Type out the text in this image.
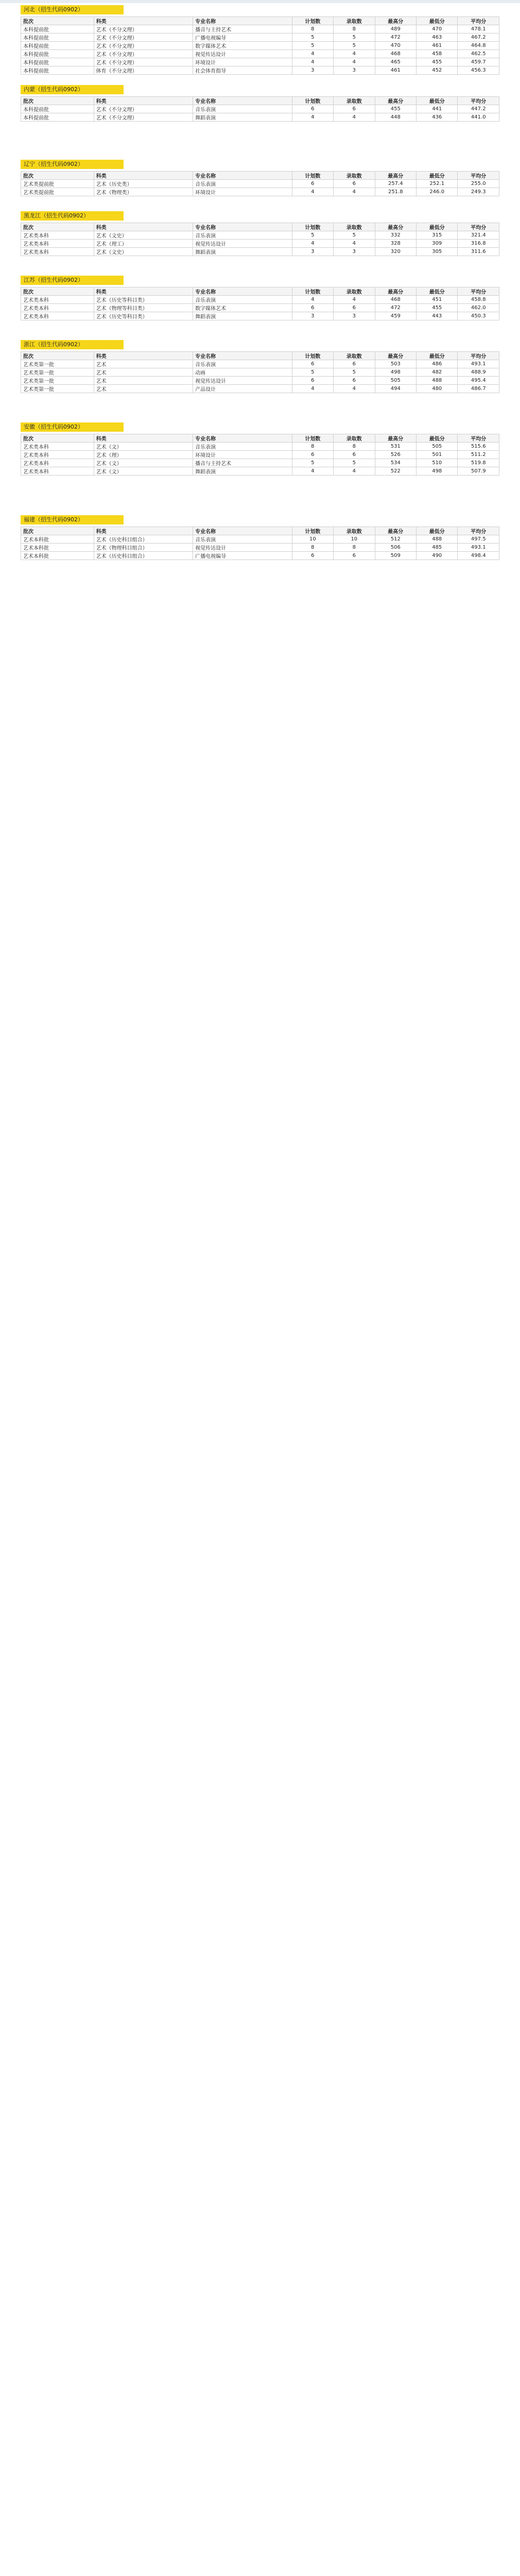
河北（招生代码0902）
批次	科类	专业名称	计划数	录取数	最高分	最低分	平均分
本科提前批	艺术（不分文理）	播音与主持艺术	8	8	489	470	478.1
本科提前批	艺术（不分文理）	广播电视编导	5	5	472	463	467.2
本科提前批	艺术（不分文理）	数字媒体艺术	5	5	470	461	464.8
本科提前批	艺术（不分文理）	视觉传达设计	4	4	468	458	462.5
本科提前批	艺术（不分文理）	环境设计	4	4	465	455	459.7
本科提前批	体育（不分文理）	社会体育指导	3	3	461	452	456.3
内蒙（招生代码0902）
批次	科类	专业名称	计划数	录取数	最高分	最低分	平均分
本科提前批	艺术（不分文理）	音乐表演	6	6	455	441	447.2
本科提前批	艺术（不分文理）	舞蹈表演	4	4	448	436	441.0
辽宁（招生代码0902）
批次	科类	专业名称	计划数	录取数	最高分	最低分	平均分
艺术类提前批	艺术（历史类）	音乐表演	6	6	257.4	252.1	255.0
艺术类提前批	艺术（物理类）	环境设计	4	4	251.8	246.0	249.3
黑龙江（招生代码0902）
批次	科类	专业名称	计划数	录取数	最高分	最低分	平均分
艺术类本科	艺术（文史）	音乐表演	5	5	332	315	321.4
艺术类本科	艺术（理工）	视觉传达设计	4	4	328	309	316.8
艺术类本科	艺术（文史）	舞蹈表演	3	3	320	305	311.6
江苏（招生代码0902）
批次	科类	专业名称	计划数	录取数	最高分	最低分	平均分
艺术类本科	艺术（历史等科目类）	音乐表演	4	4	468	451	458.8
艺术类本科	艺术（物理等科目类）	数字媒体艺术	6	6	472	455	462.0
艺术类本科	艺术（历史等科目类）	舞蹈表演	3	3	459	443	450.3
浙江（招生代码0902）
批次	科类	专业名称	计划数	录取数	最高分	最低分	平均分
艺术类第一批	艺术	音乐表演	6	6	503	486	493.1
艺术类第一批	艺术	动画	5	5	498	482	488.9
艺术类第一批	艺术	视觉传达设计	6	6	505	488	495.4
艺术类第一批	艺术	产品设计	4	4	494	480	486.7
安徽（招生代码0902）
批次	科类	专业名称	计划数	录取数	最高分	最低分	平均分
艺术类本科	艺术（文）	音乐表演	8	8	531	505	515.6
艺术类本科	艺术（理）	环境设计	6	6	526	501	511.2
艺术类本科	艺术（文）	播音与主持艺术	5	5	534	510	519.8
艺术类本科	艺术（文）	舞蹈表演	4	4	522	498	507.9
福建（招生代码0902）
批次	科类	专业名称	计划数	录取数	最高分	最低分	平均分
艺术本科批	艺术（历史科目组合）	音乐表演	10	10	512	488	497.5
艺术本科批	艺术（物理科目组合）	视觉传达设计	8	8	506	485	493.1
艺术本科批	艺术（历史科目组合）	广播电视编导	6	6	509	490	498.4
